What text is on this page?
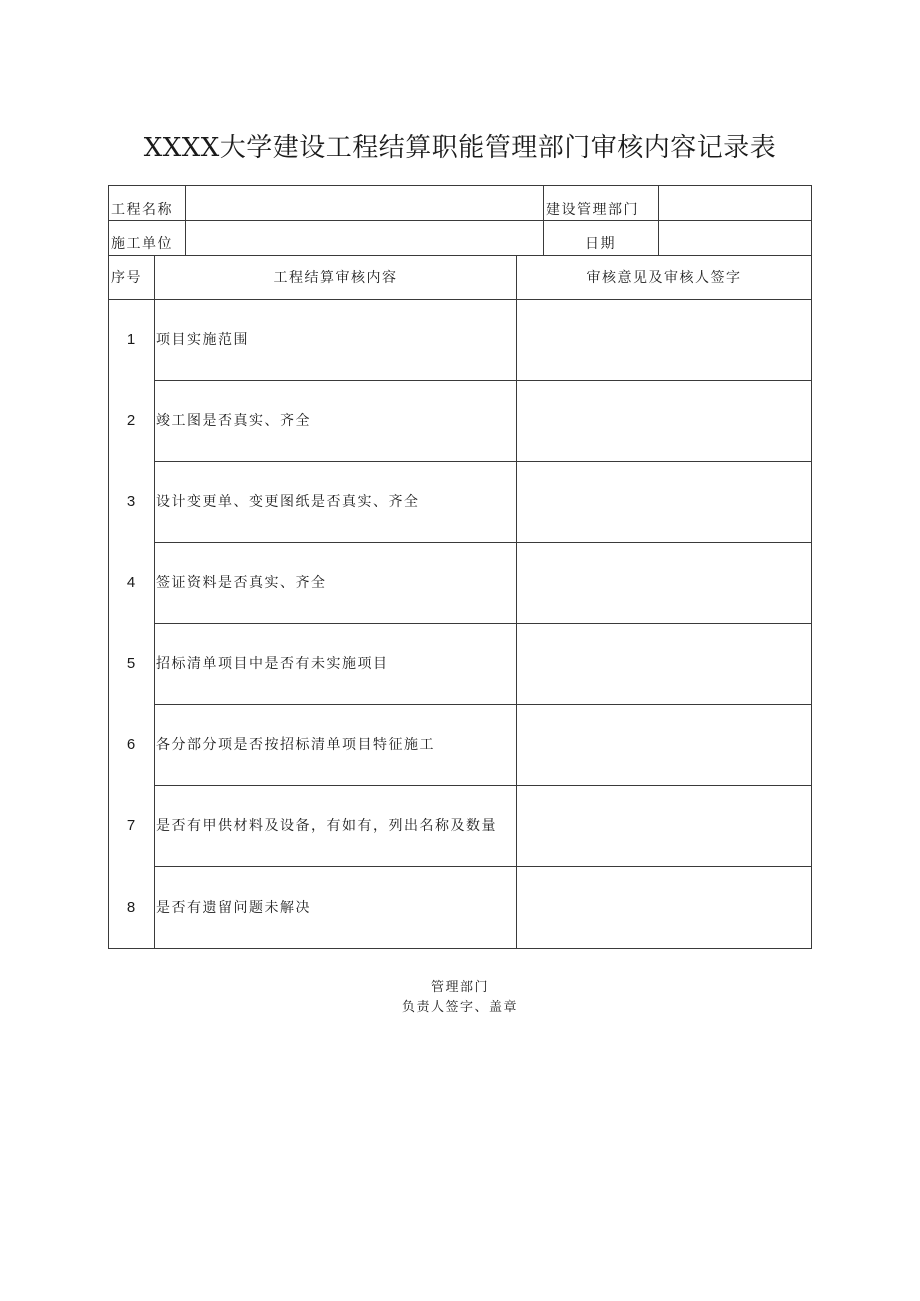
XXXX大学建设工程结算职能管理部门审核内容记录表
工程名称	建设管理部门
施工单位	日期
序号	工程结算审核内容	审核意见及审核人签字
1	项目实施范围
2	竣工图是否真实、齐全
3	设计变更单、变更图纸是否真实、齐全
4	签证资料是否真实、齐全
5	招标清单项目中是否有未实施项目
6	各分部分项是否按招标清单项目特征施工
7	是否有甲供材料及设备，有如有，列出名称及数量
8	是否有遗留问题未解决
管理部门
负责人签字、盖章
